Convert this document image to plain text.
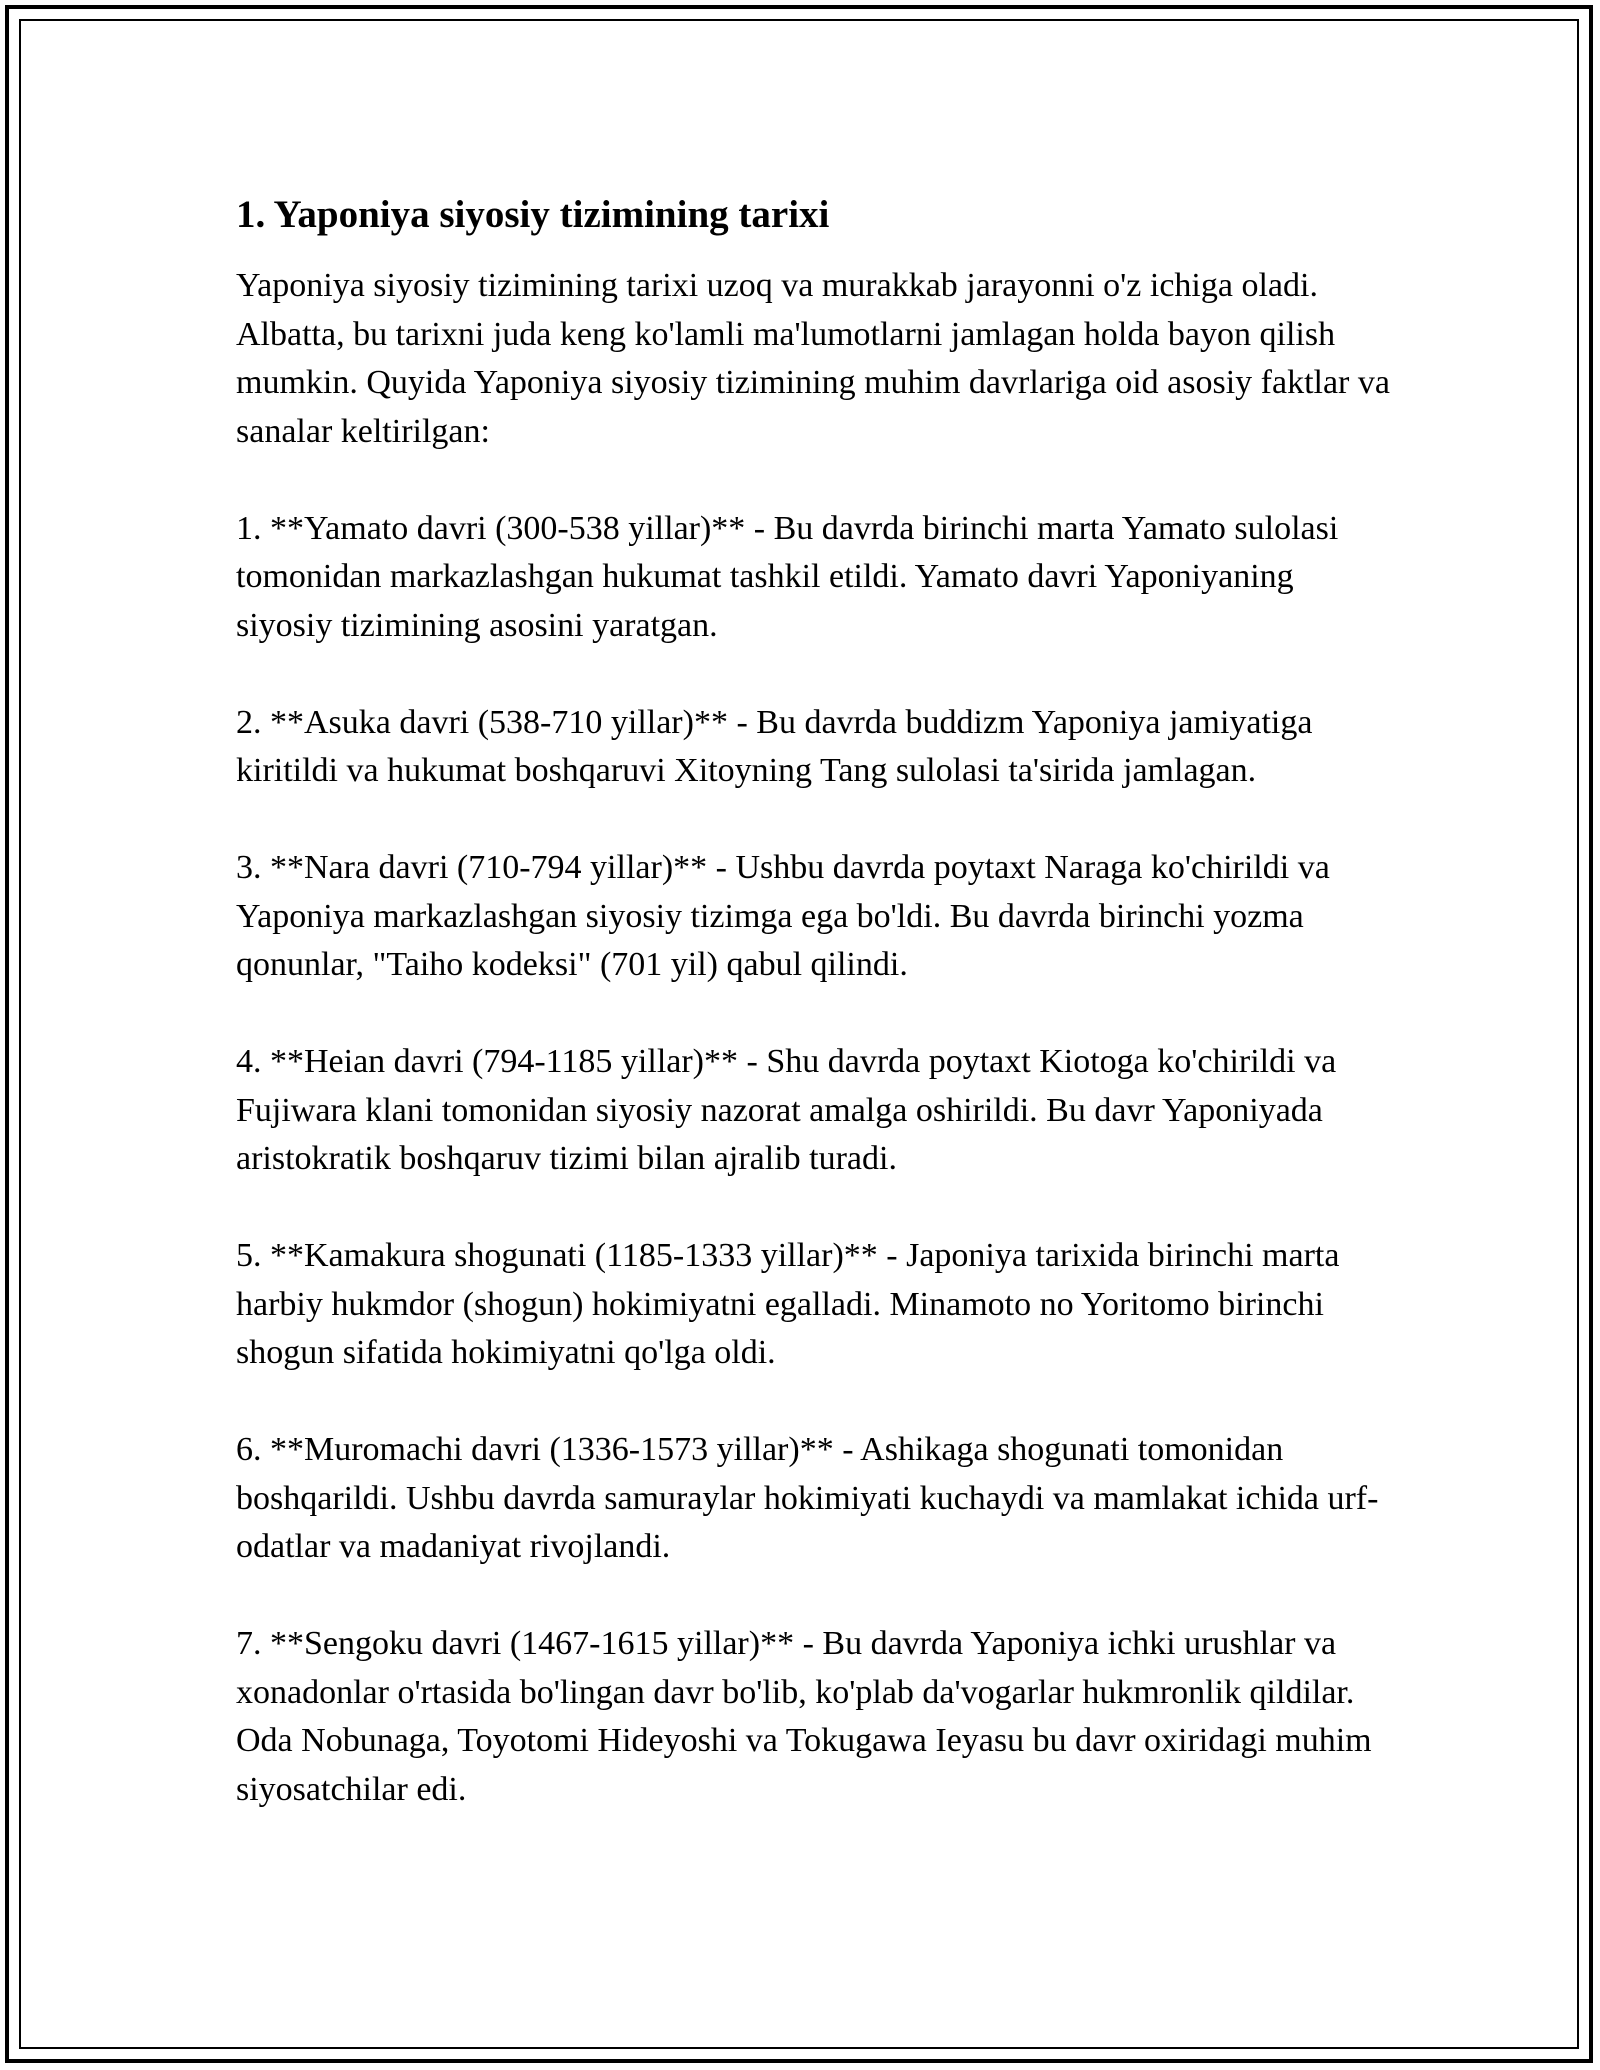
1. Yaponiya siyosiy tizimining tarixi

Yaponiya siyosiy tizimining tarixi uzoq va murakkab jarayonni o'z ichiga oladi. Albatta, bu tarixni juda keng ko'lamli ma'lumotlarni jamlagan holda bayon qilish mumkin. Quyida Yaponiya siyosiy tizimining muhim davrlariga oid asosiy faktlar va sanalar keltirilgan:

1. **Yamato davri (300-538 yillar)** - Bu davrda birinchi marta Yamato sulolasi tomonidan markazlashgan hukumat tashkil etildi. Yamato davri Yaponiyaning siyosiy tizimining asosini yaratgan.

2. **Asuka davri (538-710 yillar)** - Bu davrda buddizm Yaponiya jamiyatiga kiritildi va hukumat boshqaruvi Xitoyning Tang sulolasi ta'sirida jamlagan.

3. **Nara davri (710-794 yillar)** - Ushbu davrda poytaxt Naraga ko'chirildi va Yaponiya markazlashgan siyosiy tizimga ega bo'ldi. Bu davrda birinchi yozma qonunlar, "Taiho kodeksi" (701 yil) qabul qilindi.

4. **Heian davri (794-1185 yillar)** - Shu davrda poytaxt Kiotoga ko'chirildi va Fujiwara klani tomonidan siyosiy nazorat amalga oshirildi. Bu davr Yaponiyada aristokratik boshqaruv tizimi bilan ajralib turadi.

5. **Kamakura shogunati (1185-1333 yillar)** - Japoniya tarixida birinchi marta harbiy hukmdor (shogun) hokimiyatni egalladi. Minamoto no Yoritomo birinchi shogun sifatida hokimiyatni qo'lga oldi.

6. **Muromachi davri (1336-1573 yillar)** - Ashikaga shogunati tomonidan boshqarildi. Ushbu davrda samuraylar hokimiyati kuchaydi va mamlakat ichida urf-odatlar va madaniyat rivojlandi.

7. **Sengoku davri (1467-1615 yillar)** - Bu davrda Yaponiya ichki urushlar va xonadonlar o'rtasida bo'lingan davr bo'lib, ko'plab da'vogarlar hukmronlik qildilar. Oda Nobunaga, Toyotomi Hideyoshi va Tokugawa Ieyasu bu davr oxiridagi muhim siyosatchilar edi.
